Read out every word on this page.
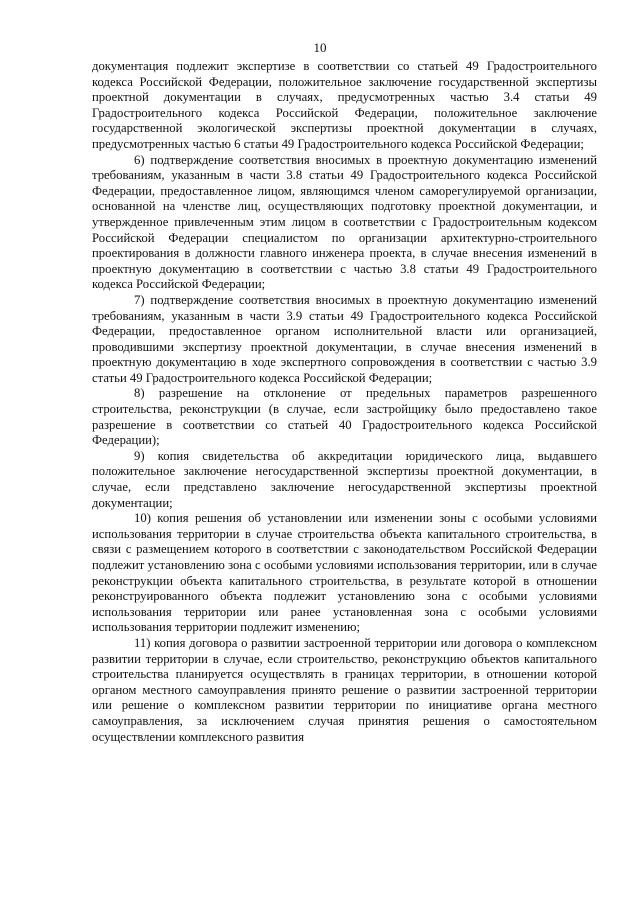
10

документация подлежит экспертизе в соответствии со статьей 49 Градостроительного кодекса Российской Федерации, положительное заключение государственной экспертизы проектной документации в случаях, предусмотренных частью 3.4 статьи 49 Градостроительного кодекса Российской Федерации, положительное заключение государственной экологической экспертизы проектной документации в случаях, предусмотренных частью 6 статьи 49 Градостроительного кодекса Российской Федерации;

6) подтверждение соответствия вносимых в проектную документацию изменений требованиям, указанным в части 3.8 статьи 49 Градостроительного кодекса Российской Федерации, предоставленное лицом, являющимся членом саморегулируемой организации, основанной на членстве лиц, осуществляющих подготовку проектной документации, и утвержденное привлеченным этим лицом в соответствии с Градостроительным кодексом Российской Федерации специалистом по организации архитектурно-строительного проектирования в должности главного инженера проекта, в случае внесения изменений в проектную документацию в соответствии с частью 3.8 статьи 49 Градостроительного кодекса Российской Федерации;

7) подтверждение соответствия вносимых в проектную документацию изменений требованиям, указанным в части 3.9 статьи 49 Градостроительного кодекса Российской Федерации, предоставленное органом исполнительной власти или организацией, проводившими экспертизу проектной документации, в случае внесения изменений в проектную документацию в ходе экспертного сопровождения в соответствии с частью 3.9 статьи 49 Градостроительного кодекса Российской Федерации;

8) разрешение на отклонение от предельных параметров разрешенного строительства, реконструкции (в случае, если застройщику было предоставлено такое разрешение в соответствии со статьей 40 Градостроительного кодекса Российской Федерации);

9) копия свидетельства об аккредитации юридического лица, выдавшего положительное заключение негосударственной экспертизы проектной документации, в случае, если представлено заключение негосударственной экспертизы проектной документации;

10) копия решения об установлении или изменении зоны с особыми условиями использования территории в случае строительства объекта капитального строительства, в связи с размещением которого в соответствии с законодательством Российской Федерации подлежит установлению зона с особыми условиями использования территории, или в случае реконструкции объекта капитального строительства, в результате которой в отношении реконструированного объекта подлежит установлению зона с особыми условиями использования территории или ранее установленная зона с особыми условиями использования территории подлежит изменению;

11) копия договора о развитии застроенной территории или договора о комплексном развитии территории в случае, если строительство, реконструкцию объектов капитального строительства планируется осуществлять в границах территории, в отношении которой органом местного самоуправления принято решение о развитии застроенной территории или решение о комплексном развитии территории по инициативе органа местного самоуправления, за исключением случая принятия решения о самостоятельном осуществлении комплексного развития
